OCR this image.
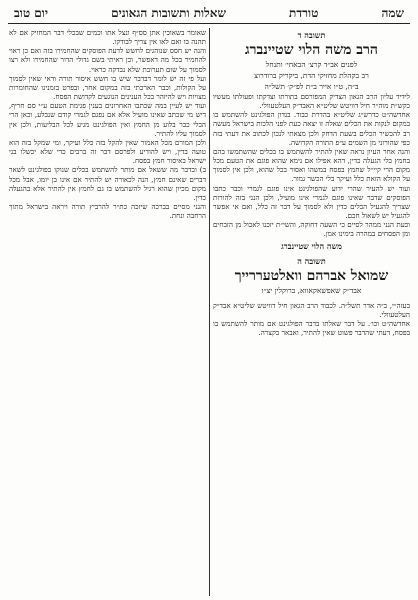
שמה
טורדת
שאלות ותשובות הגאונים
יום טוב
תשובה ד
הרב משה הלוי שטיינברג
לפנים אב״ד קרצ׳ הבאחי׳ ותנחל
רב בקהלת מחזיקי הדת, ביקריק ברודרוצ
ב״ה, ט״ו אייר ב״ת לפ״ק׳ תשל״ה

לידיד עליון הרב הגאון הצדיק המפורסם בתורתו וצדקתו ופעולתו מעשיו כקש״ת מוה״ר חיל דוויטש שליט״א האבד״ק העלטעוולי.

אחדשה״ט כדרש״ג שליט״א בהדרת כבוד. בנדון הפולגינט להשתמש בו במקום לנקות את הכלים שאלה זו יצאה כעת לפני הלכות בישראל מעשה רב להכשיר הכלים בשעת הדחק ולכן מצאתי לנכון לכתוב את דעתי בזה כפי שהורוני מן השמים ע״פ התורה הקדושה.

והנה אחר העיון נראה שאין להתיר להשתמש בו בכלים שהשתמשו בהם בחמץ בלי הגעלה כדין, דהא אפילו אם נימא שהוא פוגם את הטעם מכל מקום הרי קיי״ל שחמץ בפסח במשהו ואסור בכל שהוא, ולכן אין לסמוך על הקולא הזאת כלל ועיקר בלי הכשר גמור.

ועוד יש להעיר שהרי ידוע שהפולגינט אינו פוגם לגמרי וכבר כתבו הפוסקים שדבר שאינו פוגם לגמרי אינו מועיל, ולכן הנני בזה להורות שצריך להגעיל הכלים כדין ולא לסמוך על דבר זה כלל, ואם אי אפשר להגעיל יש לשאול חכם.

וכעת הנני ממהר לסיים כי השעה דחוקה, והשי״ת יזכנו לאכול מן הזבחים ומן הפסחים במהרה בימינו אמן.

משה הלוי שטיינברג
תשובה ה
שמואל אברהם וואלטעררייך
אבד״ק שאפשאקאווא, ברוקלין יצ״ו

בעזה״י, ב״ה אדר תשל״ה. לכבוד הרב הגאון חיל דוויטש שליט״א אבד״ק העלטעוולי.

אחדשה״ט וכו׳. על דבר שאלתו בדבר הפולגינט אם מותר להשתמש בו בפסח, דעתי שהדבר פשוט שאין להתיר, ואבאר בקצרה.

שאומר בשאוכין אתן סס״ף ונצל אתו וכמים שבכלי דבר המחזיק אם לא תהנה בו ואם לאו אין צריך לבודקו.

והנה יש חסס שנוהגים לחשש לדעת הפוסקים שהחמירו בזה ואם כן ראוי להחמיר בכל מה דאפשר, וכן ראיתי בשם גדולי הדור שהחמירו ולא רצו לסמוך על שום תערובת שלא נבדקה כראוי.

ועל פי זה יש לומר דבדבר שיש בו חשש איסור תורה ודאי שאין לסמוך על הקולות, וכבר הארכתי בזה במקום אחר, ובפרט בזמנינו שהחומרות מצויות ויש להיזהר בכל הענינים הנוגעים לקדושת הפסח.

ועוד יש לעיין במה שכתבו האחרונים בענין פגימת הטעם ע״י סם חריף, דיש מי שכתב שאינו מועיל אלא אם נפגם לגמרי קודם שנבלע, וכאן הרי הכלי כבר בלוע מן החמץ ואין הפולגינט מגיע לכל הבליעות, ולכן אין לסמוך עליו להתיר.

ולכן המורם מכל האמור שאין להקל בזה כלל ועיקר, ומי שמקל בזה הוא טועה בדין, ויש להודיע ולפרסם דבר זה ברבים כדי שלא יכשלו בני ישראל באיסור חמץ בפסח.

ב) ובדבר מה ששאל אם מותר להשתמש בכלים שנוקו בפולגינט לשאר דברים שאינם חמץ, הנה לכאורה יש להתיר אם אינו בן יומו, אבל מכל מקום מכיון שהוא רגיל להשתמש בו גם לחמץ אין להתיר אלא בהגעלה כדין.

והנני מסיים בברכה שיזכה כת״ר להרביץ תורה ויראה בישראל מתוך הרחבה ונחת.
